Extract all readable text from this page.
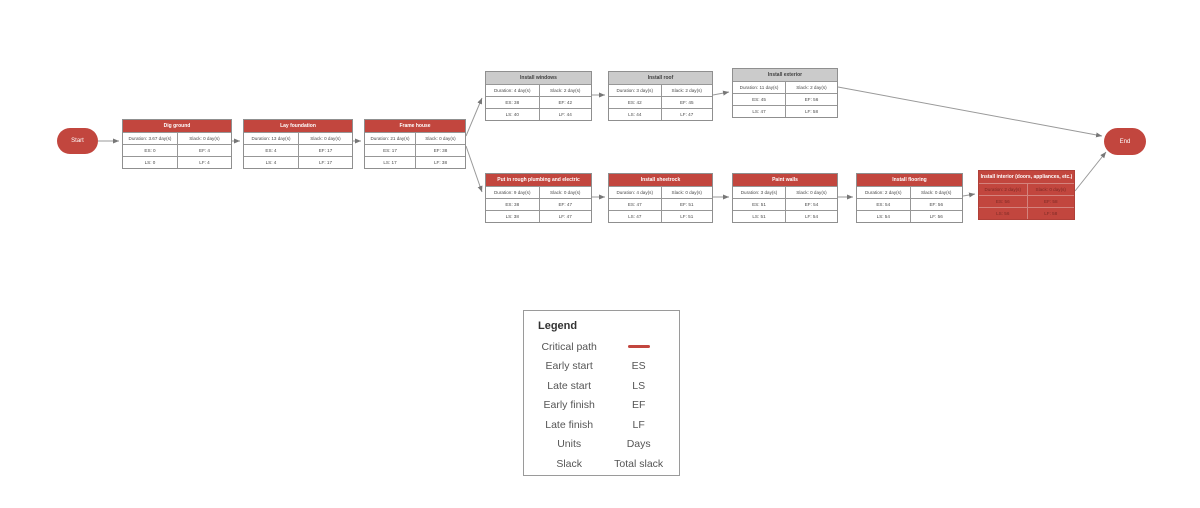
Start	End
Dig ground
Duration: 3.67 day(s)	Slack: 0 day(s)
ES: 0	EF: 4
LS: 0	LF: 4
Lay foundation
Duration: 13 day(s)	Slack: 0 day(s)
ES: 4	EF: 17
LS: 4	LF: 17
Frame house
Duration: 21 day(s)	Slack: 0 day(s)
ES: 17	EF: 38
LS: 17	LF: 38
Install windows
Duration: 4 day(s)	Slack: 2 day(s)
ES: 38	EF: 42
LS: 40	LF: 44
Install roof
Duration: 3 day(s)	Slack: 2 day(s)
ES: 42	EF: 45
LS: 44	LF: 47
Install exterior
Duration: 11 day(s)	Slack: 2 day(s)
ES: 45	EF: 56
LS: 47	LF: 58
Put in rough plumbing and electric
Duration: 9 day(s)	Slack: 0 day(s)
ES: 38	EF: 47
LS: 38	LF: 47
Install sheetrock
Duration: 4 day(s)	Slack: 0 day(s)
ES: 47	EF: 51
LS: 47	LF: 51
Paint walls
Duration: 3 day(s)	Slack: 0 day(s)
ES: 51	EF: 54
LS: 51	LF: 54
Install flooring
Duration: 2 day(s)	Slack: 0 day(s)
ES: 54	EF: 56
LS: 54	LF: 56
Install interior (doors, appliances, etc.)
Duration: 2 day(s)	Slack: 0 day(s)
ES: 56	EF: 58
LS: 56	LF: 58
Legend
Critical path
Early start	ES
Late start	LS
Early finish	EF
Late finish	LF
Units	Days
Slack	Total slack
